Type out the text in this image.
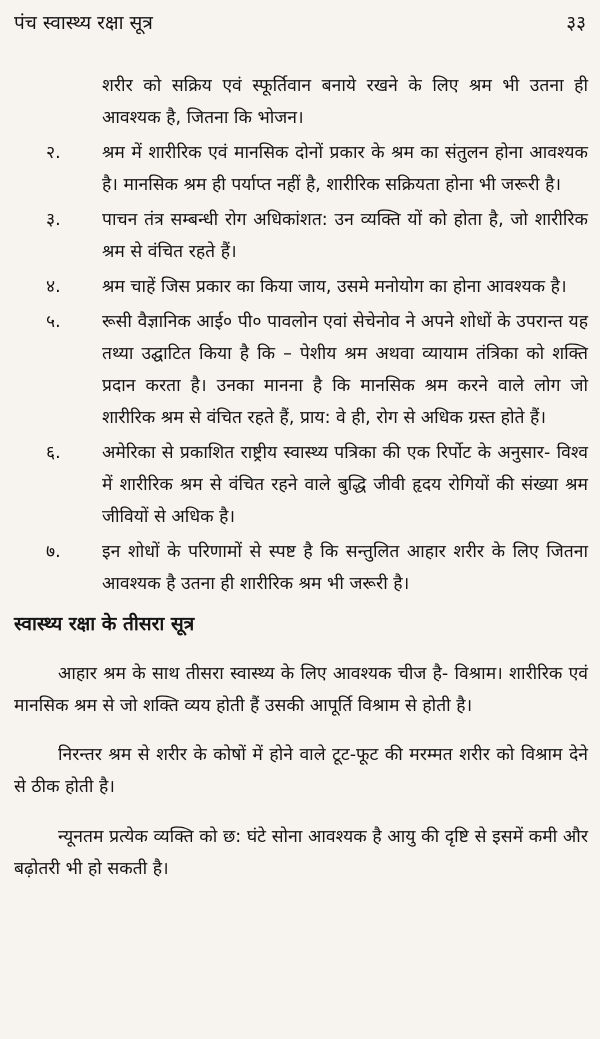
पंच स्वास्थ्य रक्षा सूत्र	३३
शरीर को सक्रिय एवं स्फूर्तिवान बनाये रखने के लिए श्रम भी उतना ही आवश्यक है, जितना कि भोजन।
२.	श्रम में शारीरिक एवं मानसिक दोनों प्रकार के श्रम का संतुलन होना आवश्यक है। मानसिक श्रम ही पर्याप्त नहीं है, शारीरिक सक्रियता होना भी जरूरी है।
३.	पाचन तंत्र सम्बन्धी रोग अधिकांशत: उन व्यक्ति यों को होता है, जो शारीरिक श्रम से वंचित रहते हैं।
४.	श्रम चाहें जिस प्रकार का किया जाय, उसमे मनोयोग का होना आवश्यक है।
५.	रूसी वैज्ञानिक आई० पी० पावलोन एवां सेचेनोव ने अपने शोधों के उपरान्त यह तथ्या उद्घाटित किया है कि – पेशीय श्रम अथवा व्यायाम तंत्रिका को शक्ति प्रदान करता है। उनका मानना है कि मानसिक श्रम करने वाले लोग जो शारीरिक श्रम से वंचित रहते हैं, प्राय: वे ही, रोग से अधिक ग्रस्त होते हैं।
६.	अमेरिका से प्रकाशित राष्ट्रीय स्वास्थ्य पत्रिका की एक रिर्पोट के अनुसार- विश्व में शारीरिक श्रम से वंचित रहने वाले बुद्धि जीवी हृदय रोगियों की संख्या श्रम जीवियों से अधिक है।
७.	इन शोधों के परिणामों से स्पष्ट है कि सन्तुलित आहार शरीर के लिए जितना आवश्यक है उतना ही शारीरिक श्रम भी जरूरी है।
स्वास्थ्य रक्षा के तीसरा सूत्र

आहार श्रम के साथ तीसरा स्वास्थ्य के लिए आवश्यक चीज है- विश्राम। शारीरिक एवं मानसिक श्रम से जो शक्ति व्यय होती हैं उसकी आपूर्ति विश्राम से होती है।

निरन्तर श्रम से शरीर के कोषों में होने वाले टूट-फूट की मरम्मत शरीर को विश्राम देने से ठीक होती है।

न्यूनतम प्रत्येक व्यक्ति को छ: घंटे सोना आवश्यक है आयु की दृष्टि से इसमें कमी और बढ़ोतरी भी हो सकती है।
